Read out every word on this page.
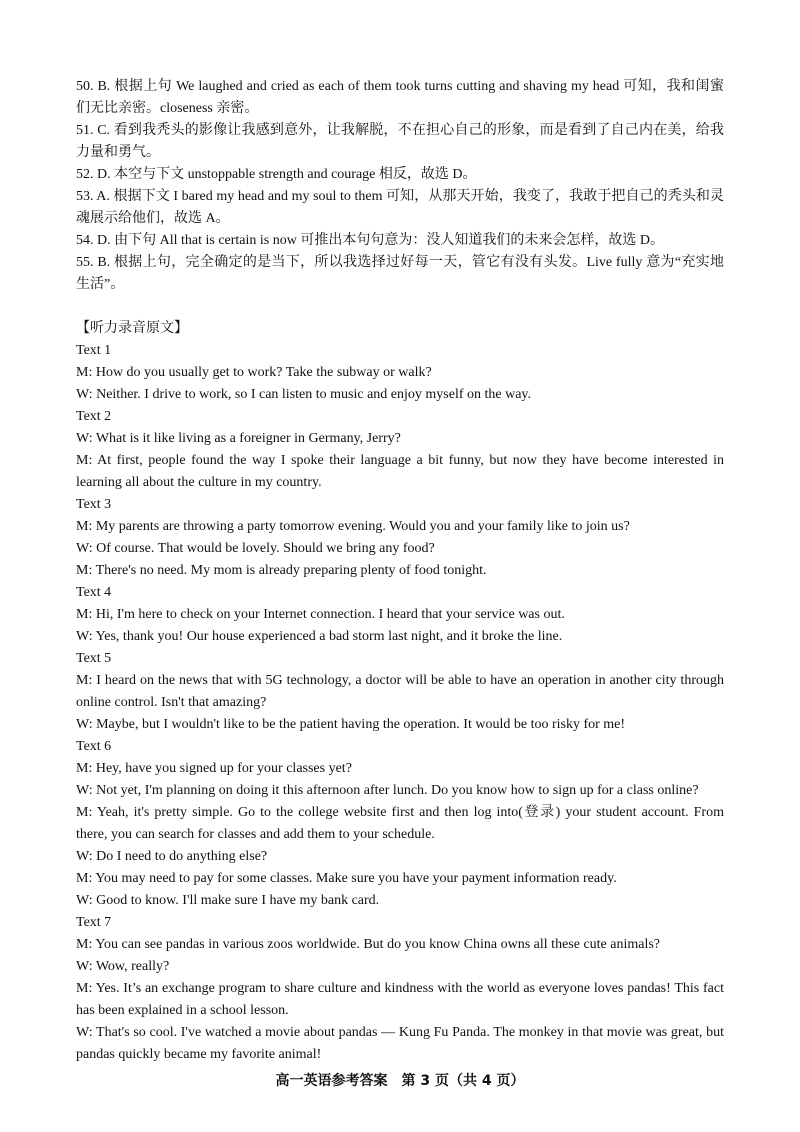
50. B. 根据上句 We laughed and cried as each of them took turns cutting and shaving my head 可知，我和闺蜜们无比亲密。closeness 亲密。

51. C. 看到我秃头的影像让我感到意外，让我解脱，不在担心自己的形象，而是看到了自己内在美，给我力量和勇气。

52. D. 本空与下文 unstoppable strength and courage 相反，故选 D。

53. A. 根据下文 I bared my head and my soul to them 可知，从那天开始，我变了，我敢于把自己的秃头和灵魂展示给他们，故选 A。

54. D. 由下句 All that is certain is now 可推出本句句意为：没人知道我们的未来会怎样，故选 D。

55. B. 根据上句，完全确定的是当下，所以我选择过好每一天，管它有没有头发。Live fully 意为“充实地生活”。

【听力录音原文】

Text 1

M: How do you usually get to work? Take the subway or walk?

W: Neither. I drive to work, so I can listen to music and enjoy myself on the way.

Text 2

W: What is it like living as a foreigner in Germany, Jerry?

M: At first, people found the way I spoke their language a bit funny, but now they have become interested in learning all about the culture in my country.

Text 3

M: My parents are throwing a party tomorrow evening. Would you and your family like to join us?

W: Of course. That would be lovely. Should we bring any food?

M: There's no need. My mom is already preparing plenty of food tonight.

Text 4

M: Hi, I'm here to check on your Internet connection. I heard that your service was out.

W: Yes, thank you! Our house experienced a bad storm last night, and it broke the line.

Text 5

M: I heard on the news that with 5G technology, a doctor will be able to have an operation in another city through online control. Isn't that amazing?

W: Maybe, but I wouldn't like to be the patient having the operation. It would be too risky for me!

Text 6

M: Hey, have you signed up for your classes yet?

W: Not yet, I'm planning on doing it this afternoon after lunch. Do you know how to sign up for a class online?

M: Yeah, it's pretty simple. Go to the college website first and then log into(登录) your student account. From there, you can search for classes and add them to your schedule.

W: Do I need to do anything else?

M: You may need to pay for some classes. Make sure you have your payment information ready.

W: Good to know. I'll make sure I have my bank card.

Text 7

M: You can see pandas in various zoos worldwide. But do you know China owns all these cute animals?

W: Wow, really?

M: Yes. It’s an exchange program to share culture and kindness with the world as everyone loves pandas! This fact has been explained in a school lesson.

W: That's so cool. I've watched a movie about pandas — Kung Fu Panda. The monkey in that movie was great, but pandas quickly became my favorite animal!

高一英语参考答案　第 3 页（共 4 页）
